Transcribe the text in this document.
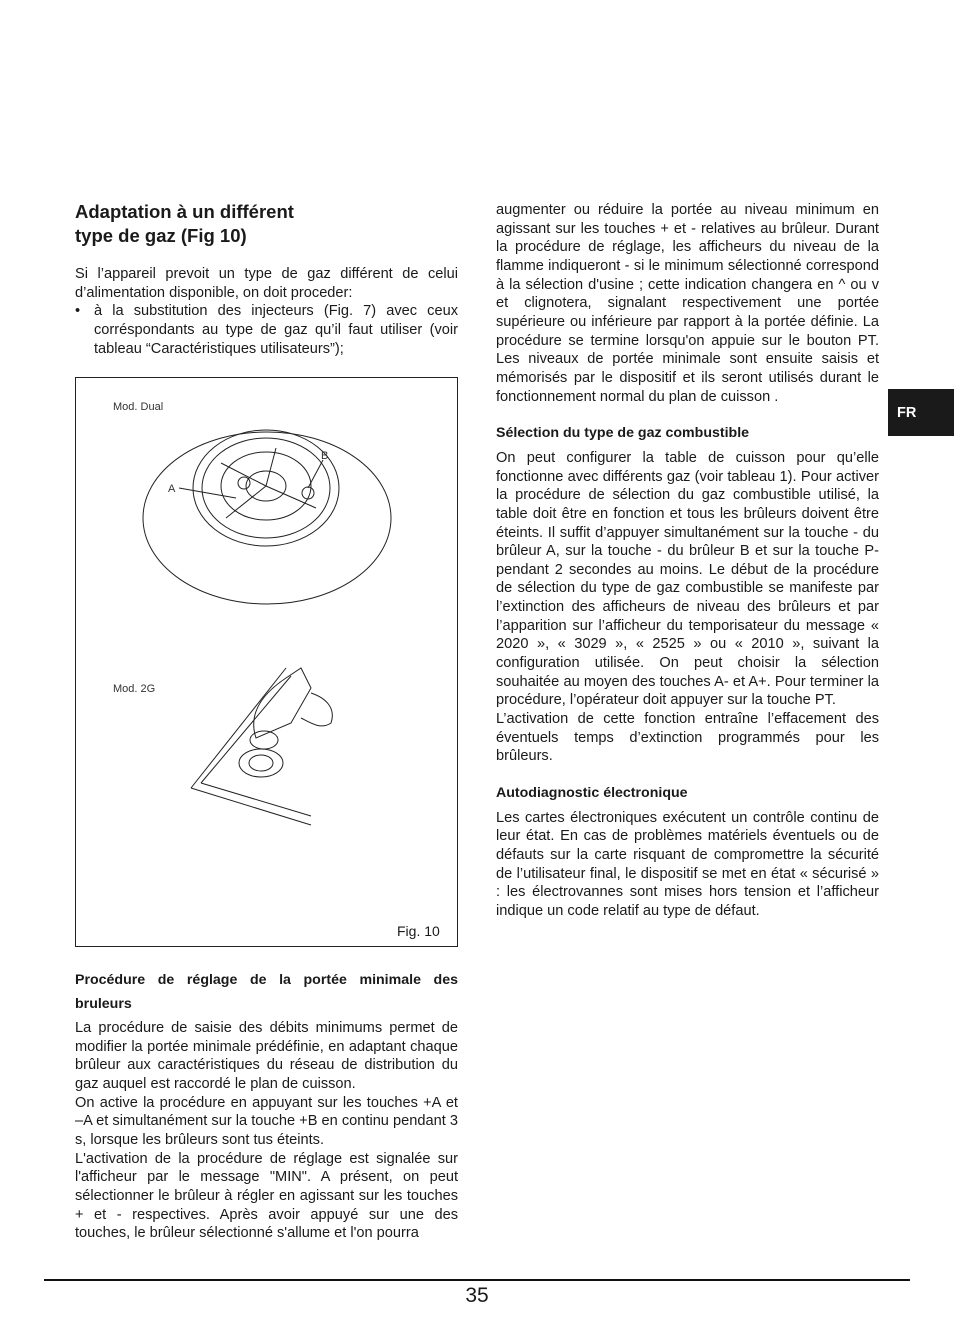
Adaptation à un différent
type de gaz (Fig 10)

Si l’appareil prevoit un type de gaz différent de celui d’alimentation disponible, on doit proceder:

• à la substitution des injecteurs (Fig. 7) avec ceux corréspondants au type de gaz qu’il faut utiliser (voir tableau “Caractéristiques utilisateurs”);

Mod. Dual
Mod. 2G
A
B
Fig. 10
Procédure de réglage de la portée minimale des bruleurs

La procédure de saisie des débits minimums permet de modifier la portée minimale prédéfinie, en adaptant chaque brûleur aux caractéristiques du réseau de distribution du gaz auquel est raccordé le plan de cuisson.

On active la procédure en appuyant sur les touches +A et –A et simultanément sur la touche +B en continu pendant 3 s, lorsque les brûleurs sont tus éteints.

L'activation de la procédure de réglage est signalée sur l'afficheur par le message "MIN". A présent, on peut sélectionner le brûleur à régler en agissant sur les touches + et - respectives. Après avoir appuyé sur une des touches, le brûleur sélectionné s'allume et l'on pourra

augmenter ou réduire la portée au niveau minimum en agissant sur les touches + et - relatives au brûleur. Durant la procédure de réglage, les afficheurs du niveau de la flamme indiqueront - si le minimum sélectionné correspond à la sélection d'usine ; cette indication changera en ^ ou v et clignotera, signalant respectivement une portée supérieure ou inférieure par rapport à la portée définie. La procédure se termine lorsqu'on appuie sur le bouton PT. Les niveaux de portée minimale sont ensuite saisis et mémorisés par le dispositif et ils seront utilisés durant le fonctionnement normal du plan de cuisson .

Sélection du type de gaz combustible

On peut configurer la table de cuisson pour qu’elle fonctionne avec différents gaz (voir tableau 1). Pour activer la procédure de sélection du gaz combustible utilisé, la table doit être en fonction et tous les brûleurs doivent être éteints. Il suffit d’appuyer simultanément sur la touche - du brûleur A, sur la touche - du brûleur B et sur la touche P- pendant 2 secondes au moins. Le début de la procédure de sélection du type de gaz combustible se manifeste par l’extinction des afficheurs de niveau des brûleurs et par l’apparition sur l’afficheur du temporisateur du message « 2020 », « 3029 », « 2525 » ou « 2010 », suivant la configuration utilisée. On peut choisir la sélection souhaitée au moyen des touches A- et A+. Pour terminer la procédure, l’opérateur doit appuyer sur la touche PT.

L’activation de cette fonction entraîne l’effacement des éventuels temps d’extinction programmés pour les brûleurs.

Autodiagnostic électronique

Les cartes électroniques exécutent un contrôle continu de leur état. En cas de problèmes matériels éventuels ou de défauts sur la carte risquant de compromettre la sécurité de l’utilisateur final, le dispositif se met en état « sécurisé » : les électrovannes sont mises hors tension et l’afficheur indique un code relatif au type de défaut.

FR
35
